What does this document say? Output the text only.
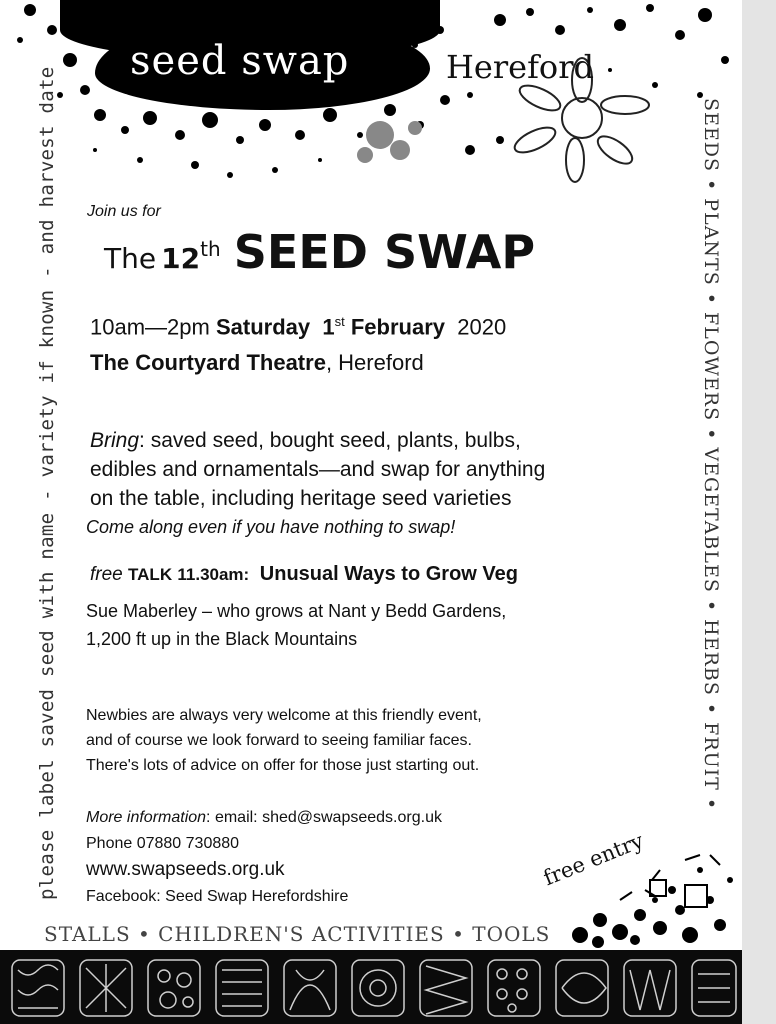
seed swap	Hereford
please label saved seed with name - variety if known - and harvest date	SEEDS • PLANTS • FLOWERS • VEGETABLES • HERBS • FRUIT •
Join us for
The 12th SEED SWAP
10am—2pm Saturday 1st February 2020
The Courtyard Theatre, Hereford
Bring: saved seed, bought seed, plants, bulbs,
edibles and ornamentals—and swap for anything
on the table, including heritage seed varieties
Come along even if you have nothing to swap!
free TALK 11.30am: Unusual Ways to Grow Veg
Sue Maberley – who grows at Nant y Bedd Gardens,
1,200 ft up in the Black Mountains
Newbies are always very welcome at this friendly event,
and of course we look forward to seeing familiar faces.
There's lots of advice on offer for those just starting out.
More information: email: shed@swapseeds.org.uk
Phone 07880 730880
www.swapseeds.org.uk
Facebook: Seed Swap Herefordshire
free entry
STALLS • CHILDREN'S ACTIVITIES • TOOLS
